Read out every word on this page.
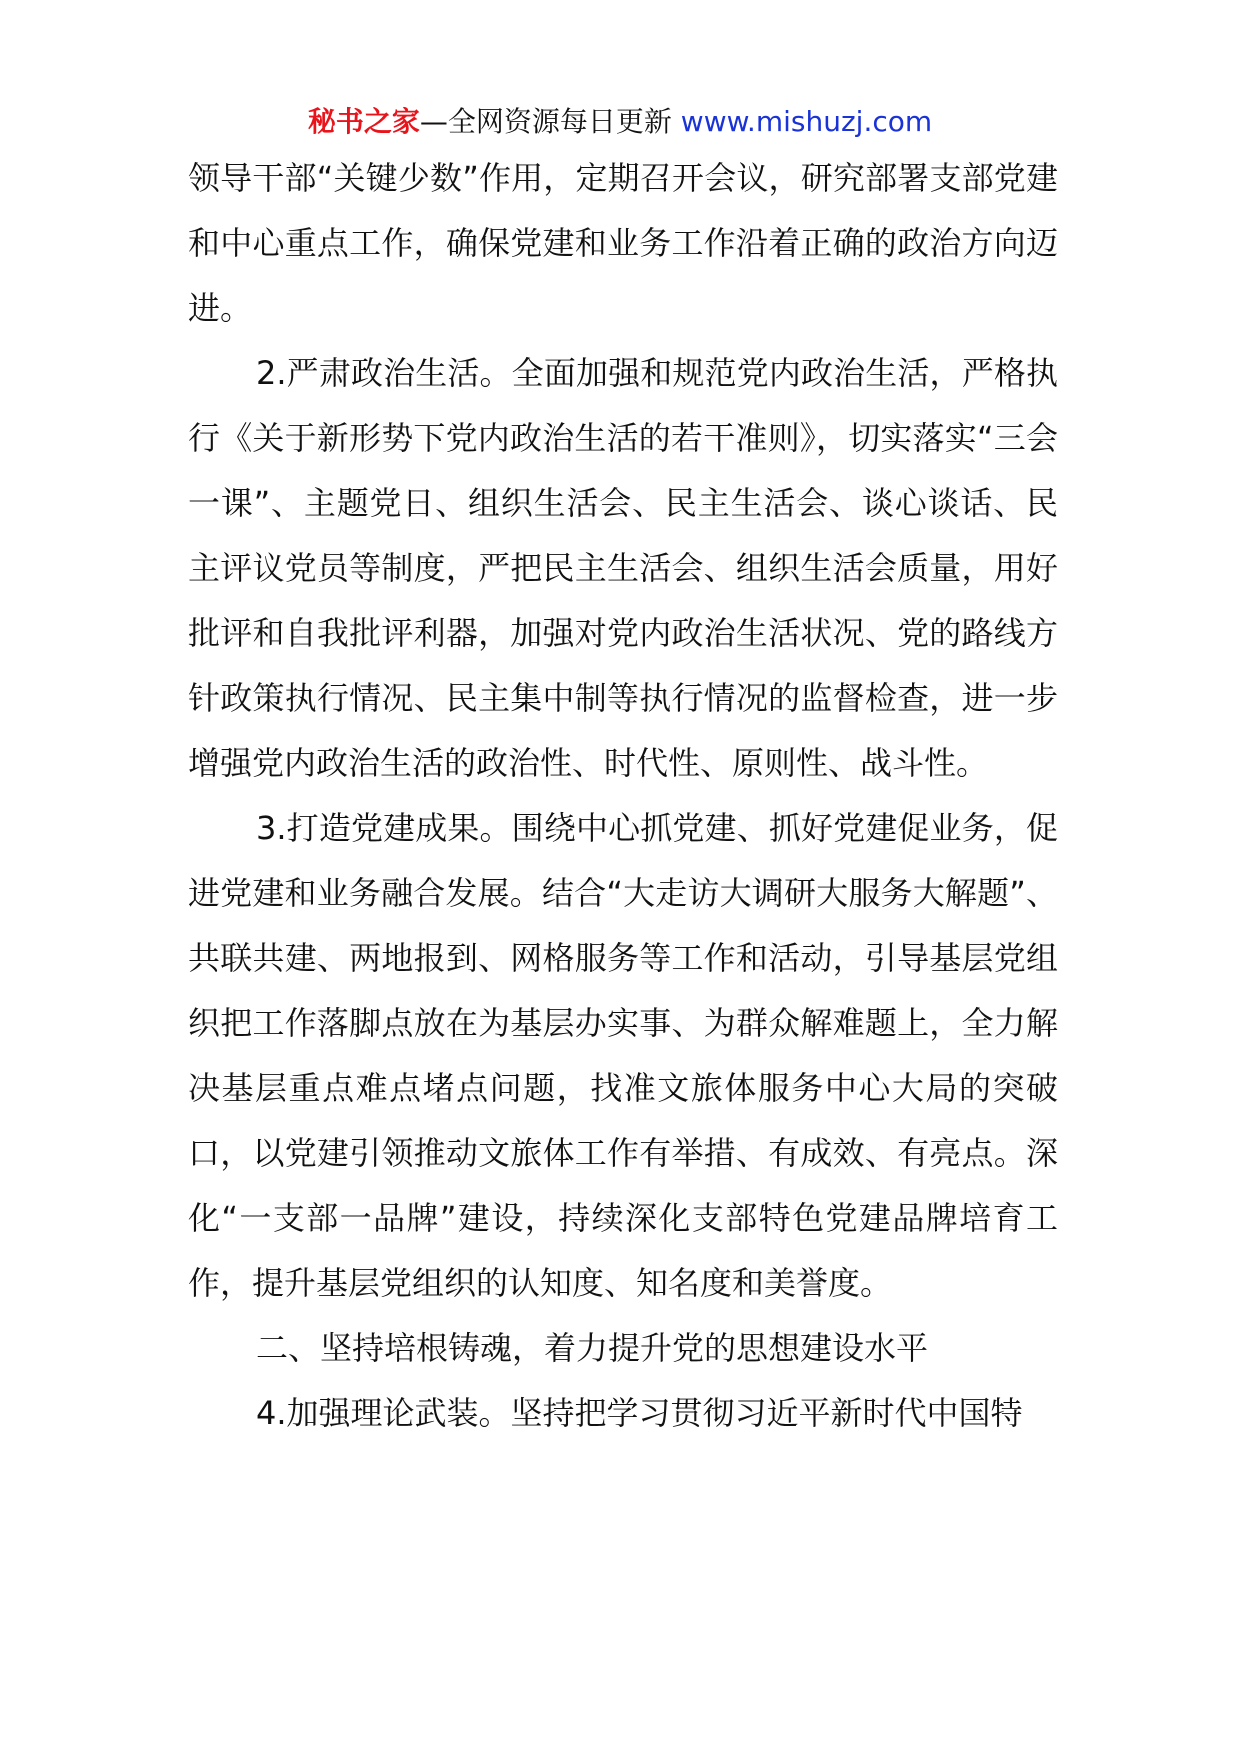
秘书之家—全网资源每日更新 www.mishuzj.com

领导干部“关键少数”作用，定期召开会议，研究部署支部党建和中心重点工作，确保党建和业务工作沿着正确的政治方向迈进。

2.严肃政治生活。全面加强和规范党内政治生活，严格执行《关于新形势下党内政治生活的若干准则》，切实落实“三会一课”、主题党日、组织生活会、民主生活会、谈心谈话、民主评议党员等制度，严把民主生活会、组织生活会质量，用好批评和自我批评利器，加强对党内政治生活状况、党的路线方针政策执行情况、民主集中制等执行情况的监督检查，进一步增强党内政治生活的政治性、时代性、原则性、战斗性。

3.打造党建成果。围绕中心抓党建、抓好党建促业务，促进党建和业务融合发展。结合“大走访大调研大服务大解题”、共联共建、两地报到、网格服务等工作和活动，引导基层党组织把工作落脚点放在为基层办实事、为群众解难题上，全力解决基层重点难点堵点问题，找准文旅体服务中心大局的突破口，以党建引领推动文旅体工作有举措、有成效、有亮点。深化“一支部一品牌”建设，持续深化支部特色党建品牌培育工作，提升基层党组织的认知度、知名度和美誉度。

二、坚持培根铸魂，着力提升党的思想建设水平

4.加强理论武装。坚持把学习贯彻习近平新时代中国特
